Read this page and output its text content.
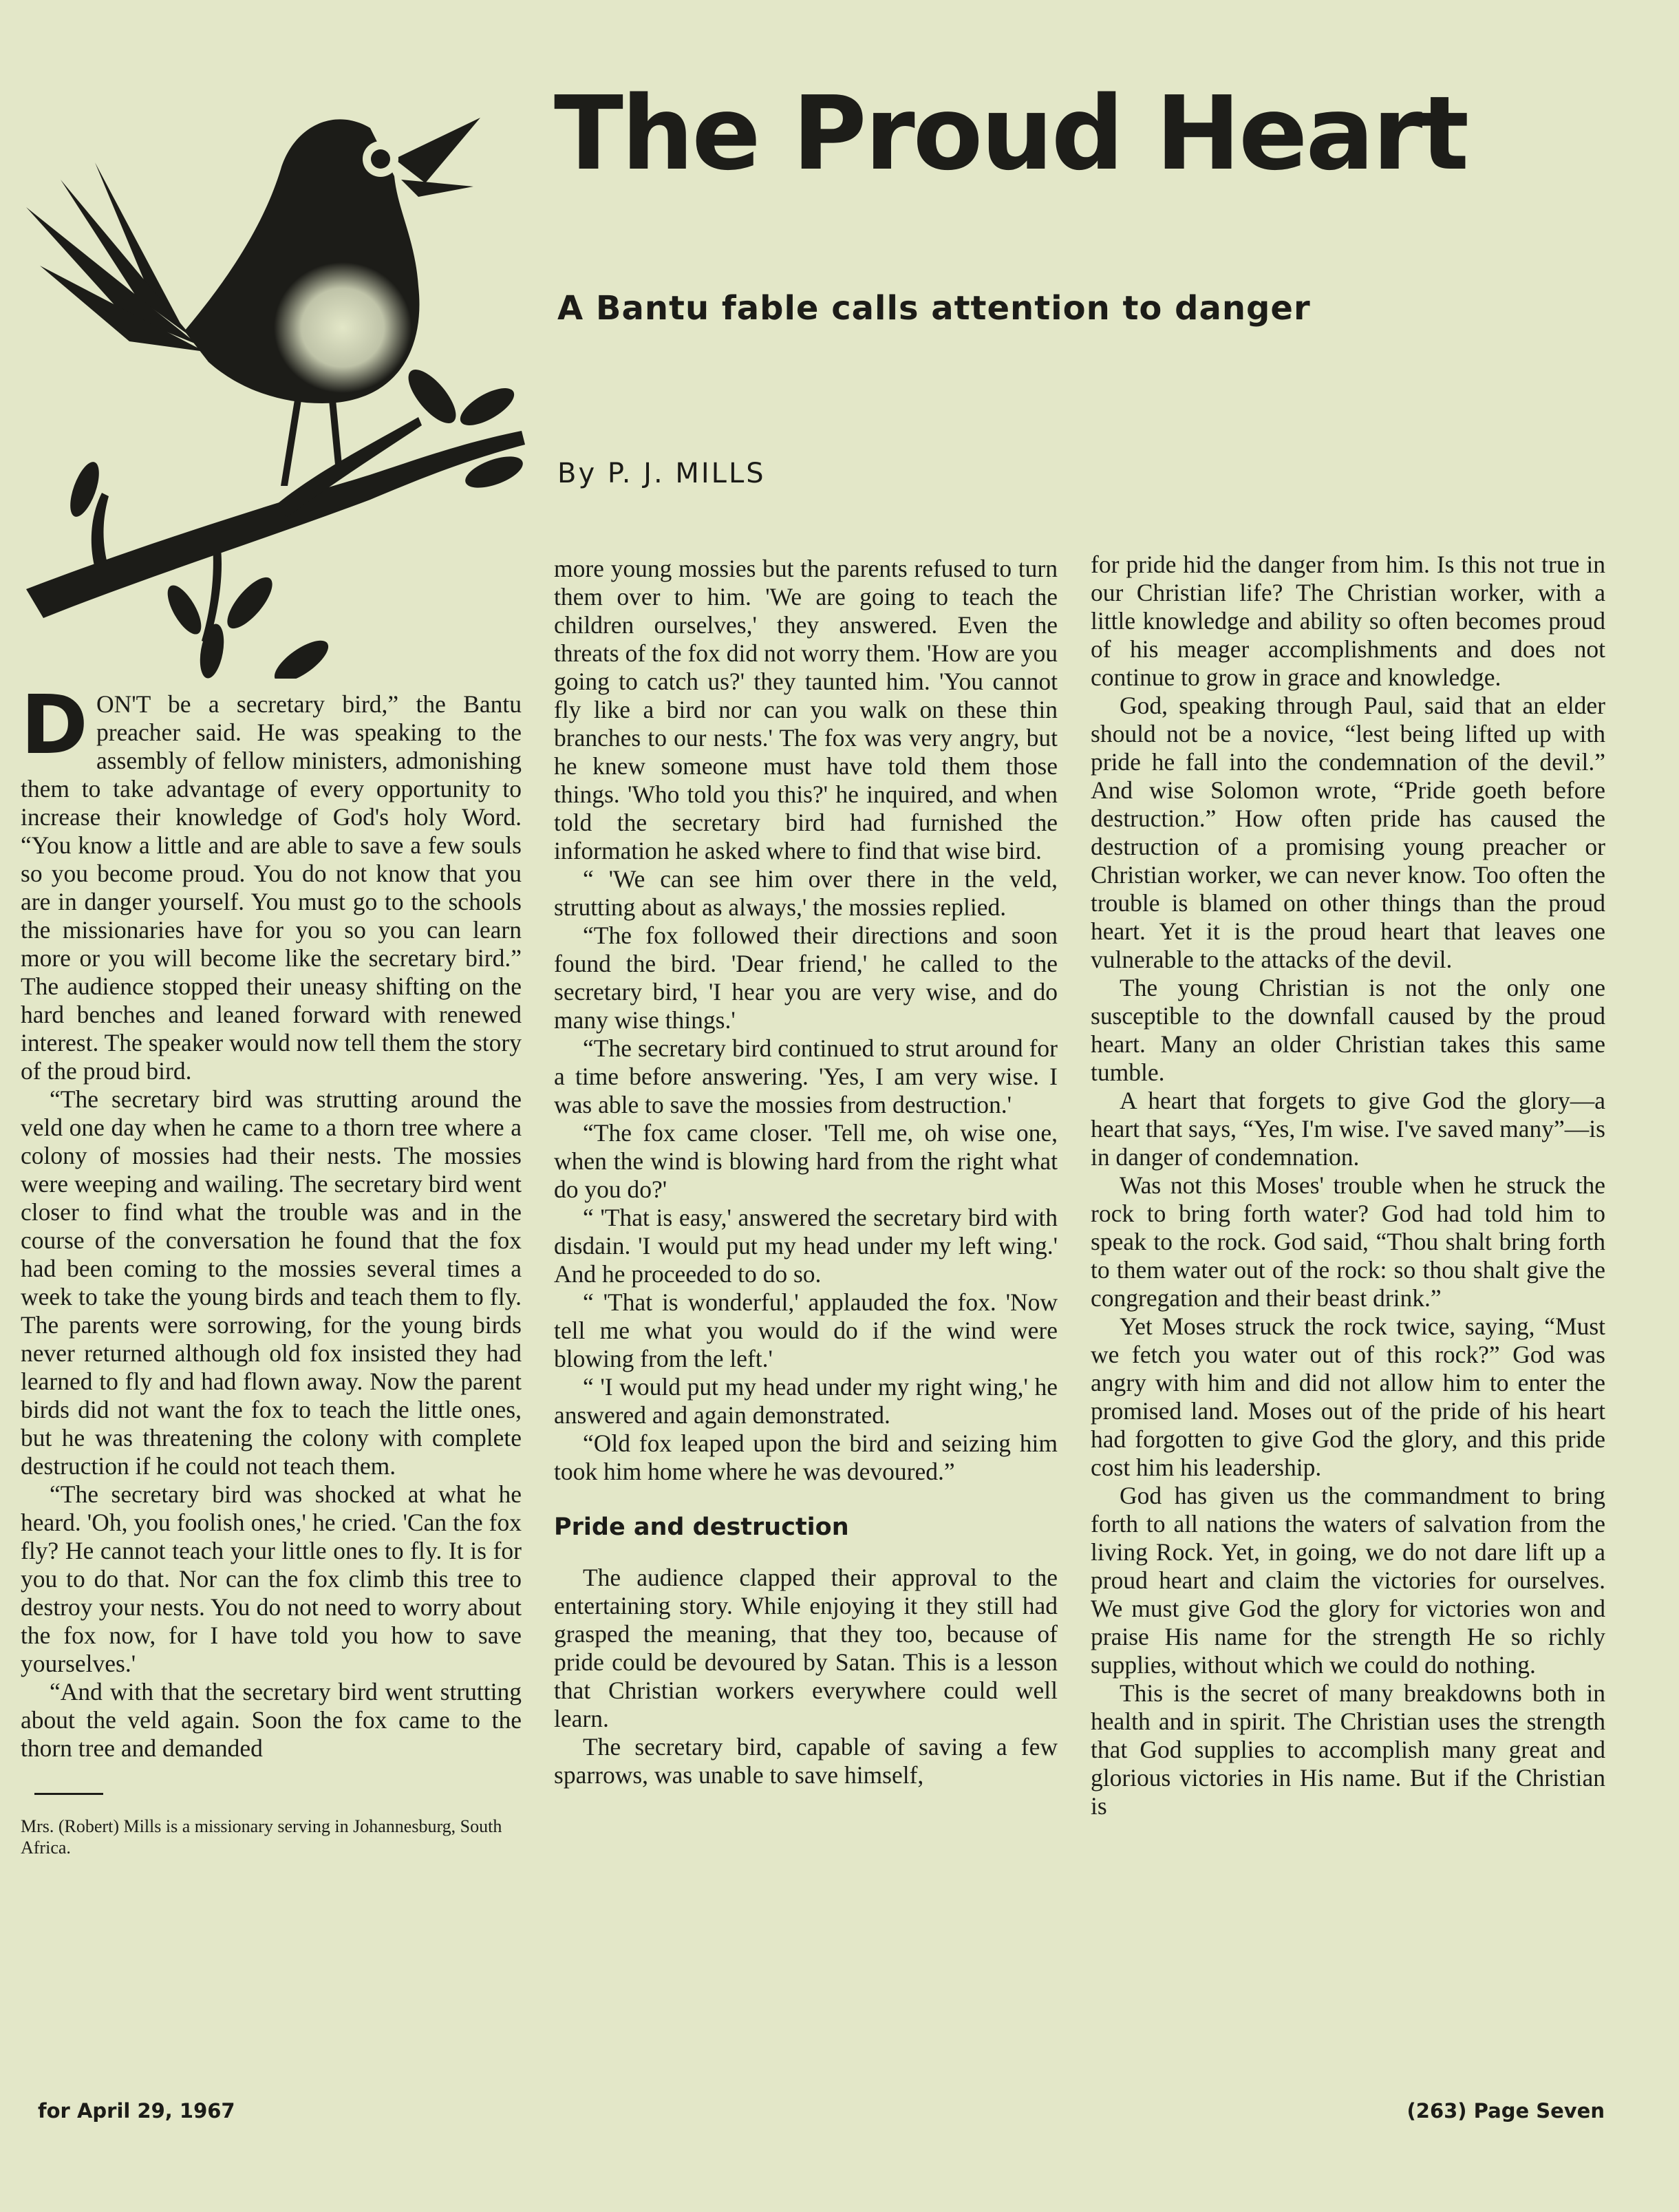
The Proud Heart
A Bantu fable calls attention to danger

By P. J. MILLS

DON'T be a secretary bird,” the Bantu preacher said. He was speaking to the assembly of fellow ministers, admonishing them to take advantage of every opportunity to increase their knowledge of God's holy Word. “You know a little and are able to save a few souls so you become proud. You do not know that you are in danger yourself. You must go to the schools the missionaries have for you so you can learn more or you will become like the secretary bird.” The audience stopped their uneasy shifting on the hard benches and leaned forward with renewed interest. The speaker would now tell them the story of the proud bird.

“The secretary bird was strutting around the veld one day when he came to a thorn tree where a colony of mossies had their nests. The mossies were weeping and wailing. The secretary bird went closer to find what the trouble was and in the course of the conversation he found that the fox had been coming to the mossies several times a week to take the young birds and teach them to fly. The parents were sorrowing, for the young birds never returned although old fox insisted they had learned to fly and had flown away. Now the parent birds did not want the fox to teach the little ones, but he was threatening the colony with complete destruction if he could not teach them.

“The secretary bird was shocked at what he heard. 'Oh, you foolish ones,' he cried. 'Can the fox fly? He cannot teach your little ones to fly. It is for you to do that. Nor can the fox climb this tree to destroy your nests. You do not need to worry about the fox now, for I have told you how to save yourselves.'

“And with that the secretary bird went strutting about the veld again. Soon the fox came to the thorn tree and demanded

Mrs. (Robert) Mills is a missionary serving in Johannesburg, South Africa.

more young mossies but the parents refused to turn them over to him. 'We are going to teach the children ourselves,' they answered. Even the threats of the fox did not worry them. 'How are you going to catch us?' they taunted him. 'You cannot fly like a bird nor can you walk on these thin branches to our nests.' The fox was very angry, but he knew someone must have told them those things. 'Who told you this?' he inquired, and when told the secretary bird had furnished the information he asked where to find that wise bird.

“ 'We can see him over there in the veld, strutting about as always,' the mossies replied.

“The fox followed their directions and soon found the bird. 'Dear friend,' he called to the secretary bird, 'I hear you are very wise, and do many wise things.'

“The secretary bird continued to strut around for a time before answering. 'Yes, I am very wise. I was able to save the mossies from destruction.'

“The fox came closer. 'Tell me, oh wise one, when the wind is blowing hard from the right what do you do?'

“ 'That is easy,' answered the secretary bird with disdain. 'I would put my head under my left wing.' And he proceeded to do so.

“ 'That is wonderful,' applauded the fox. 'Now tell me what you would do if the wind were blowing from the left.'

“ 'I would put my head under my right wing,' he answered and again demonstrated.

“Old fox leaped upon the bird and seizing him took him home where he was devoured.”

Pride and destruction

The audience clapped their approval to the entertaining story. While enjoying it they still had grasped the meaning, that they too, because of pride could be devoured by Satan. This is a lesson that Christian workers everywhere could well learn.

The secretary bird, capable of saving a few sparrows, was unable to save himself,

for pride hid the danger from him. Is this not true in our Christian life? The Christian worker, with a little knowledge and ability so often becomes proud of his meager accomplishments and does not continue to grow in grace and knowledge.

God, speaking through Paul, said that an elder should not be a novice, “lest being lifted up with pride he fall into the condemnation of the devil.” And wise Solomon wrote, “Pride goeth before destruction.” How often pride has caused the destruction of a promising young preacher or Christian worker, we can never know. Too often the trouble is blamed on other things than the proud heart. Yet it is the proud heart that leaves one vulnerable to the attacks of the devil.

The young Christian is not the only one susceptible to the downfall caused by the proud heart. Many an older Christian takes this same tumble.

A heart that forgets to give God the glory—a heart that says, “Yes, I'm wise. I've saved many”—is in danger of condemnation.

Was not this Moses' trouble when he struck the rock to bring forth water? God had told him to speak to the rock. God said, “Thou shalt bring forth to them water out of the rock: so thou shalt give the congregation and their beast drink.”

Yet Moses struck the rock twice, saying, “Must we fetch you water out of this rock?” God was angry with him and did not allow him to enter the promised land. Moses out of the pride of his heart had forgotten to give God the glory, and this pride cost him his leadership.

God has given us the commandment to bring forth to all nations the waters of salvation from the living Rock. Yet, in going, we do not dare lift up a proud heart and claim the victories for ourselves. We must give God the glory for victories won and praise His name for the strength He so richly supplies, without which we could do nothing.

This is the secret of many breakdowns both in health and in spirit. The Christian uses the strength that God supplies to accomplish many great and glorious victories in His name. But if the Christian is

for April 29, 1967	(263) Page Seven
